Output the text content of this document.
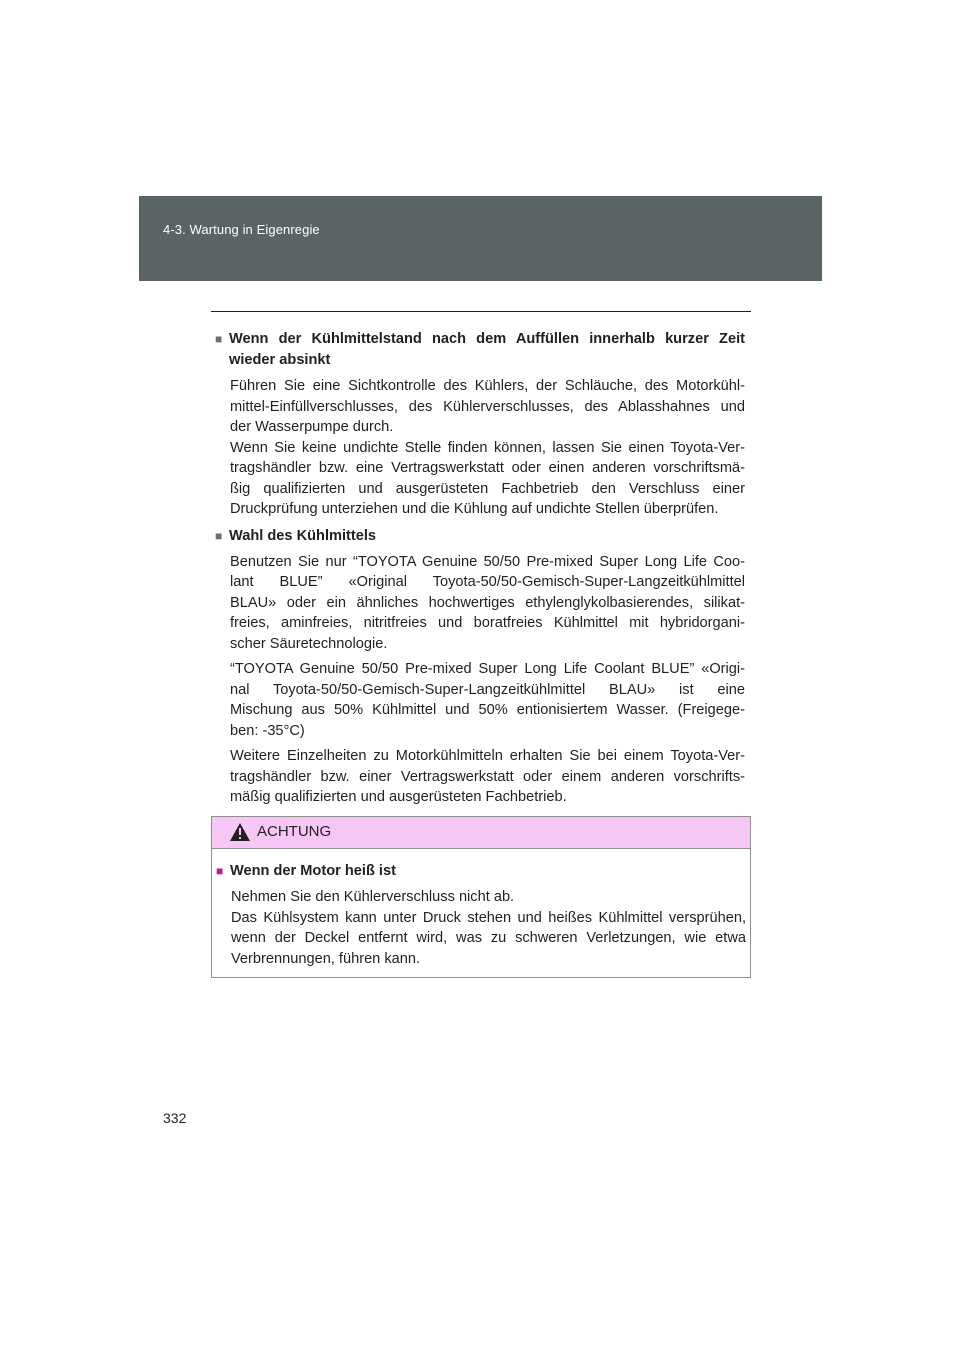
4-3. Wartung in Eigenregie
■ Wenn der Kühlmittelstand nach dem Auffüllen innerhalb kurzer Zeit
wieder absinkt
Führen Sie eine Sichtkontrolle des Kühlers, der Schläuche, des Motorkühl-
mittel-Einfüllverschlusses, des Kühlerverschlusses, des Ablasshahnes und
der Wasserpumpe durch.
Wenn Sie keine undichte Stelle finden können, lassen Sie einen Toyota-Ver-
tragshändler bzw. eine Vertragswerkstatt oder einen anderen vorschriftsmä-
ßig qualifizierten und ausgerüsteten Fachbetrieb den Verschluss einer
Druckprüfung unterziehen und die Kühlung auf undichte Stellen überprüfen.
■ Wahl des Kühlmittels
Benutzen Sie nur “TOYOTA Genuine 50/50 Pre-mixed Super Long Life Coo-
lant BLUE” «Original Toyota-50/50-Gemisch-Super-Langzeitkühlmittel
BLAU» oder ein ähnliches hochwertiges ethylenglykolbasierendes, silikat-
freies, aminfreies, nitritfreies und boratfreies Kühlmittel mit hybridorgani-
scher Säuretechnologie.
“TOYOTA Genuine 50/50 Pre-mixed Super Long Life Coolant BLUE” «Origi-
nal Toyota-50/50-Gemisch-Super-Langzeitkühlmittel BLAU» ist eine
Mischung aus 50% Kühlmittel und 50% entionisiertem Wasser. (Freigege-
ben: -35°C)
Weitere Einzelheiten zu Motorkühlmitteln erhalten Sie bei einem Toyota-Ver-
tragshändler bzw. einer Vertragswerkstatt oder einem anderen vorschrifts-
mäßig qualifizierten und ausgerüsteten Fachbetrieb.
ACHTUNG
■ Wenn der Motor heiß ist
Nehmen Sie den Kühlerverschluss nicht ab.
Das Kühlsystem kann unter Druck stehen und heißes Kühlmittel versprühen,
wenn der Deckel entfernt wird, was zu schweren Verletzungen, wie etwa
Verbrennungen, führen kann.
332
